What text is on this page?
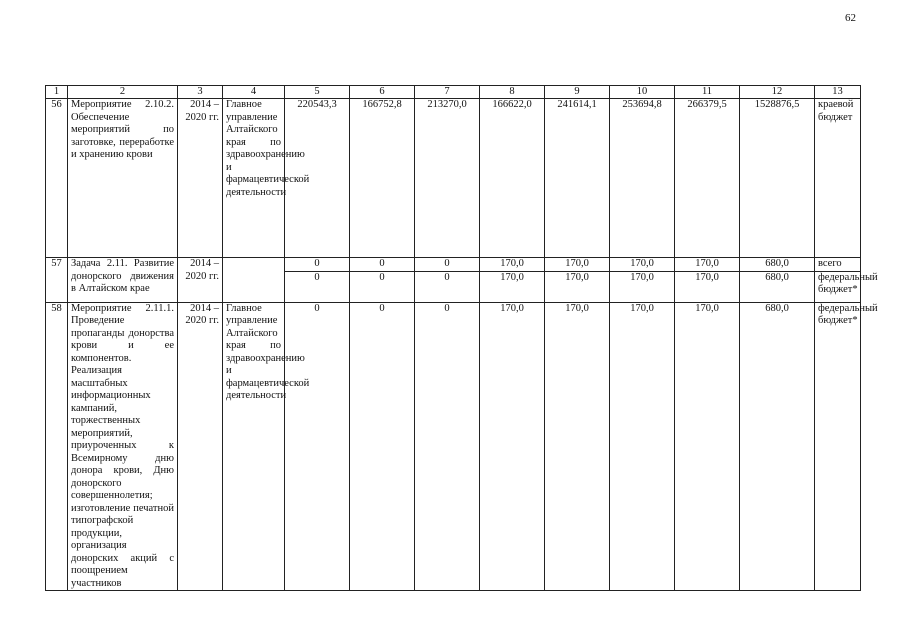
62
1	2	3	4	5	6	7	8	9	10	11	12	13
56	Мероприятие 2.10.2. Обеспечение мероприятий по заготовке, переработке и хранению крови	2014 – 2020 гг.	Главное управление Алтайского края по здравоохранению и фармацевтической деятельности	220543,3	166752,8	213270,0	166622,0	241614,1	253694,8	266379,5	1528876,5	краевой бюджет
57	Задача 2.11. Развитие донорского движения в Алтайском крае	2014 – 2020 гг.		0	0	0	170,0	170,0	170,0	170,0	680,0	всего
				0	0	0	170,0	170,0	170,0	170,0	680,0	федеральный бюджет*
58	Мероприятие 2.11.1. Проведение пропаганды донорства крови и ее компонентов. Реализация масштабных информационных кампаний, торжественных мероприятий, приуроченных к Всемирному дню донора крови, Дню донорского совершеннолетия; изготовление печатной типографской продукции, организация донорских акций с поощрением участников	2014 – 2020 гг.	Главное управление Алтайского края по здравоохранению и фармацевтической деятельности	0	0	0	170,0	170,0	170,0	170,0	680,0	федеральный бюджет*
